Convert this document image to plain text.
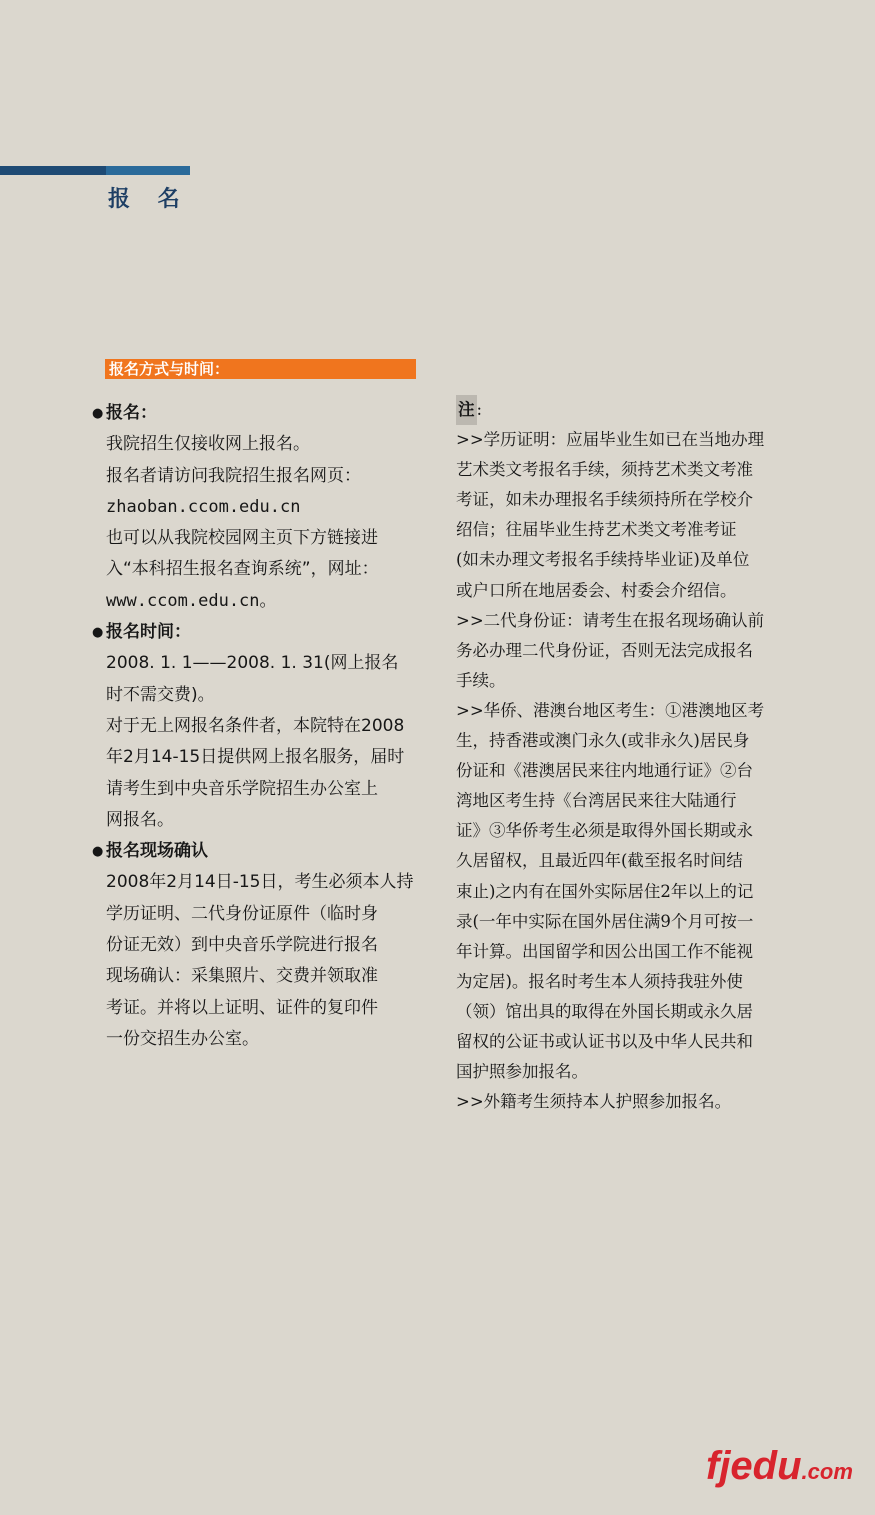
报 名
报名方式与时间：
● 报名：
我院招生仅接收网上报名。
报名者请访问我院招生报名网页：
zhaoban.ccom.edu.cn
也可以从我院校园网主页下方链接进
入“本科招生报名查询系统”，网址：
www.ccom.edu.cn。
● 报名时间：
2008. 1. 1——2008. 1. 31(网上报名
时不需交费)。
对于无上网报名条件者，本院特在2008
年2月14-15日提供网上报名服务，届时
请考生到中央音乐学院招生办公室上
网报名。
● 报名现场确认
2008年2月14日-15日，考生必须本人持
学历证明、二代身份证原件（临时身
份证无效）到中央音乐学院进行报名
现场确认：采集照片、交费并领取准
考证。并将以上证明、证件的复印件
一份交招生办公室。
注 :
>>学历证明：应届毕业生如已在当地办理
艺术类文考报名手续，须持艺术类文考准
考证，如未办理报名手续须持所在学校介
绍信；往届毕业生持艺术类文考准考证
(如未办理文考报名手续持毕业证)及单位
或户口所在地居委会、村委会介绍信。
>>二代身份证：请考生在报名现场确认前
务必办理二代身份证，否则无法完成报名
手续。
>>华侨、港澳台地区考生：①港澳地区考
生，持香港或澳门永久(或非永久)居民身
份证和《港澳居民来往内地通行证》②台
湾地区考生持《台湾居民来往大陆通行
证》③华侨考生必须是取得外国长期或永
久居留权，且最近四年(截至报名时间结
束止)之内有在国外实际居住2年以上的记
录(一年中实际在国外居住满9个月可按一
年计算。出国留学和因公出国工作不能视
为定居)。报名时考生本人须持我驻外使
（领）馆出具的取得在外国长期或永久居
留权的公证书或认证书以及中华人民共和
国护照参加报名。
>>外籍考生须持本人护照参加报名。
fjedu.com
